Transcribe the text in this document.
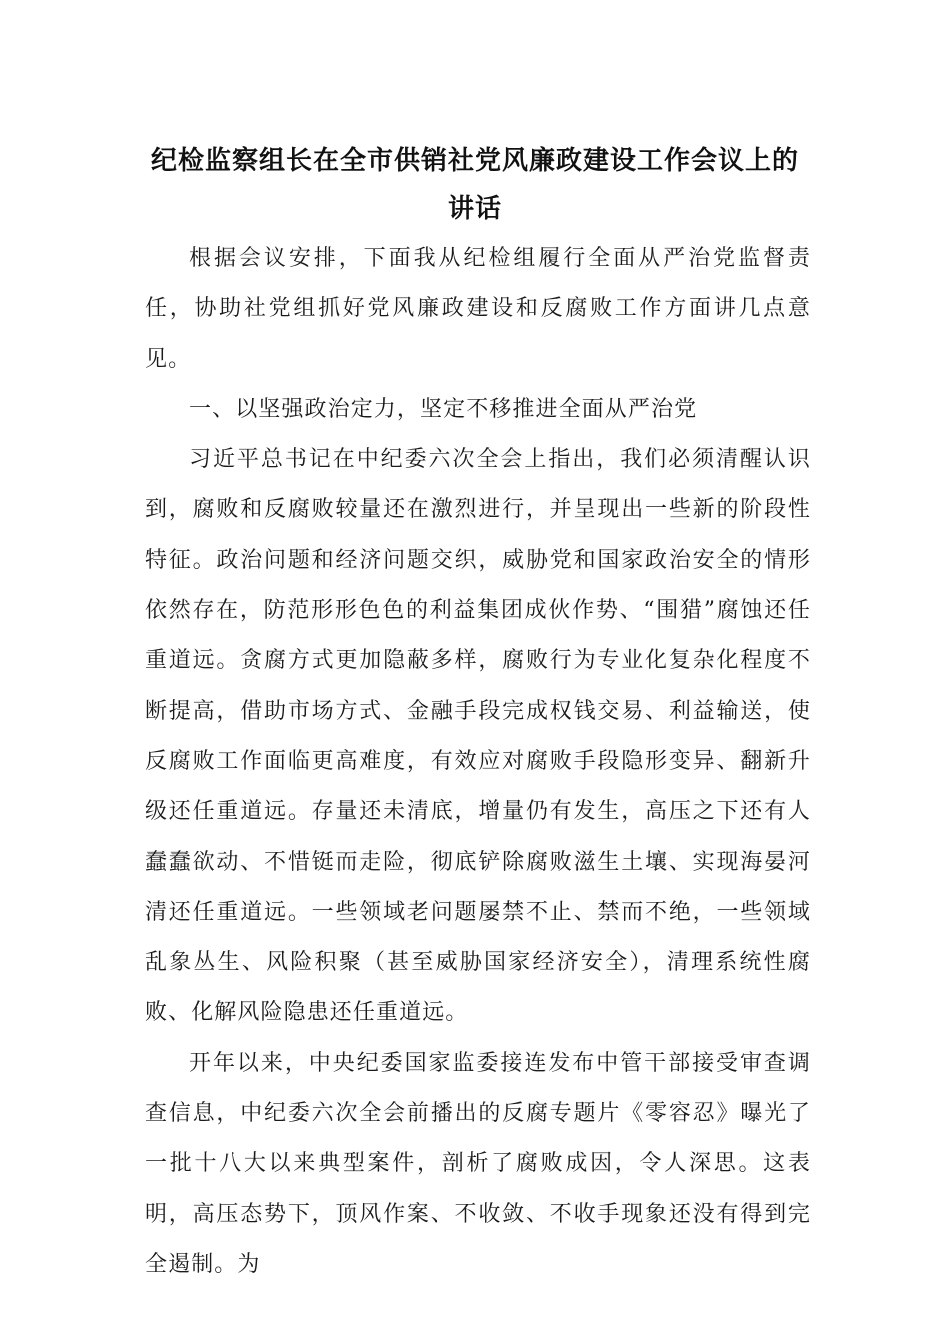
纪检监察组长在全市供销社党风廉政建设工作会议上的讲话

根据会议安排，下面我从纪检组履行全面从严治党监督责任，协助社党组抓好党风廉政建设和反腐败工作方面讲几点意见。

一、以坚强政治定力，坚定不移推进全面从严治党

习近平总书记在中纪委六次全会上指出，我们必须清醒认识到，腐败和反腐败较量还在激烈进行，并呈现出一些新的阶段性特征。政治问题和经济问题交织，威胁党和国家政治安全的情形依然存在，防范形形色色的利益集团成伙作势、“围猎”腐蚀还任重道远。贪腐方式更加隐蔽多样，腐败行为专业化复杂化程度不断提高，借助市场方式、金融手段完成权钱交易、利益输送，使反腐败工作面临更高难度，有效应对腐败手段隐形变异、翻新升级还任重道远。存量还未清底，增量仍有发生，高压之下还有人蠢蠢欲动、不惜铤而走险，彻底铲除腐败滋生土壤、实现海晏河清还任重道远。一些领域老问题屡禁不止、禁而不绝，一些领域乱象丛生、风险积聚（甚至威胁国家经济安全），清理系统性腐败、化解风险隐患还任重道远。

开年以来，中央纪委国家监委接连发布中管干部接受审查调查信息，中纪委六次全会前播出的反腐专题片《零容忍》曝光了一批十八大以来典型案件，剖析了腐败成因，令人深思。这表明，高压态势下，顶风作案、不收敛、不收手现象还没有得到完全遏制。为
